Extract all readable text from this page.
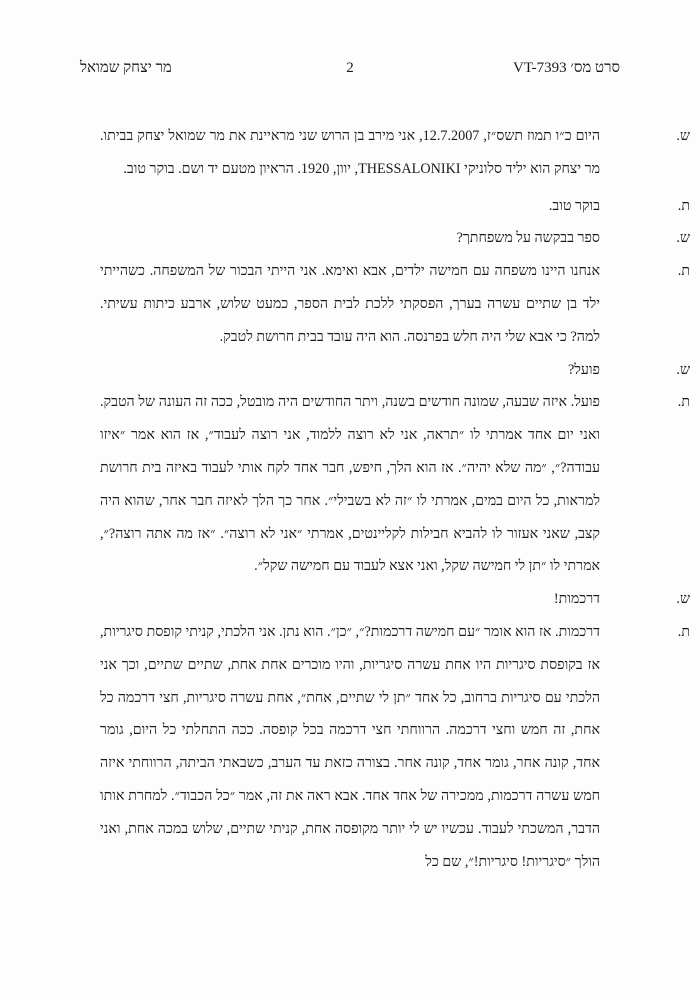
מר יצחק שמואל	2	סרט מס׳ VT-7393
ש.
היום כ״ו תמוז תשס״ז, 12.7.2007, אני מירב בן הרוש שני מראיינת את מר שמואל יצחק בביתו. מר יצחק הוא יליד סלוניקי THESSALONIKI, יוון, 1920. הראיון מטעם יד ושם. בוקר טוב.
ת.
בוקר טוב.
ש.
ספר בבקשה על משפחתך?
ת.
אנחנו היינו משפחה עם חמישה ילדים, אבא ואימא. אני הייתי הבכור של המשפחה. כשהייתי ילד בן שתיים עשרה בערך, הפסקתי ללכת לבית הספר, כמעט שלוש, ארבע כיתות עשיתי. למה? כי אבא שלי היה חלש בפרנסה. הוא היה עובד בבית חרושת לטבק.
ש.
פועל?
ת.
פועל. איזה שבעה, שמונה חודשים בשנה, ויתר החודשים היה מובטל, ככה זה העונה של הטבק. ואני יום אחד אמרתי לו ״תראה, אני לא רוצה ללמוד, אני רוצה לעבוד״, אז הוא אמר ״איזו עבודה?״, ״מה שלא יהיה״. אז הוא הלך, חיפש, חבר אחד לקח אותי לעבוד באיזה בית חרושת למראות, כל היום במים, אמרתי לו ״זה לא בשבילי״. אחר כך הלך לאיזה חבר אחר, שהוא היה קצב, שאני אעזור לו להביא חבילות לקליינטים, אמרתי ״אני לא רוצה״. ״אז מה אתה רוצה?״, אמרתי לו ״תן לי חמישה שקל, ואני אצא לעבוד עם חמישה שקל״.
ש.
דרכמות!
ת.
דרכמות. אז הוא אומר ״עם חמישה דרכמות?״, ״כן״. הוא נתן. אני הלכתי, קניתי קופסת סיגריות, אז בקופסת סיגריות היו אחת עשרה סיגריות, והיו מוכרים אחת אחת, שתיים שתיים, וכך אני הלכתי עם סיגריות ברחוב, כל אחד ״תן לי שתיים, אחת״, אחת עשרה סיגריות, חצי דרכמה כל אחת, זה חמש וחצי דרכמה. הרווחתי חצי דרכמה בכל קופסה. ככה התחלתי כל היום, גומר אחד, קונה אחר, גומר אחד, קונה אחר. בצורה כזאת עד הערב, כשבאתי הביתה, הרווחתי איזה חמש עשרה דרכמות, ממכירה של אחד אחד. אבא ראה את זה, אמר ״כל הכבוד״. למחרת אותו הדבר, המשכתי לעבוד. עכשיו יש לי יותר מקופסה אחת, קניתי שתיים, שלוש במכה אחת, ואני הולך ״סיגריות! סיגריות!״, שם כל
